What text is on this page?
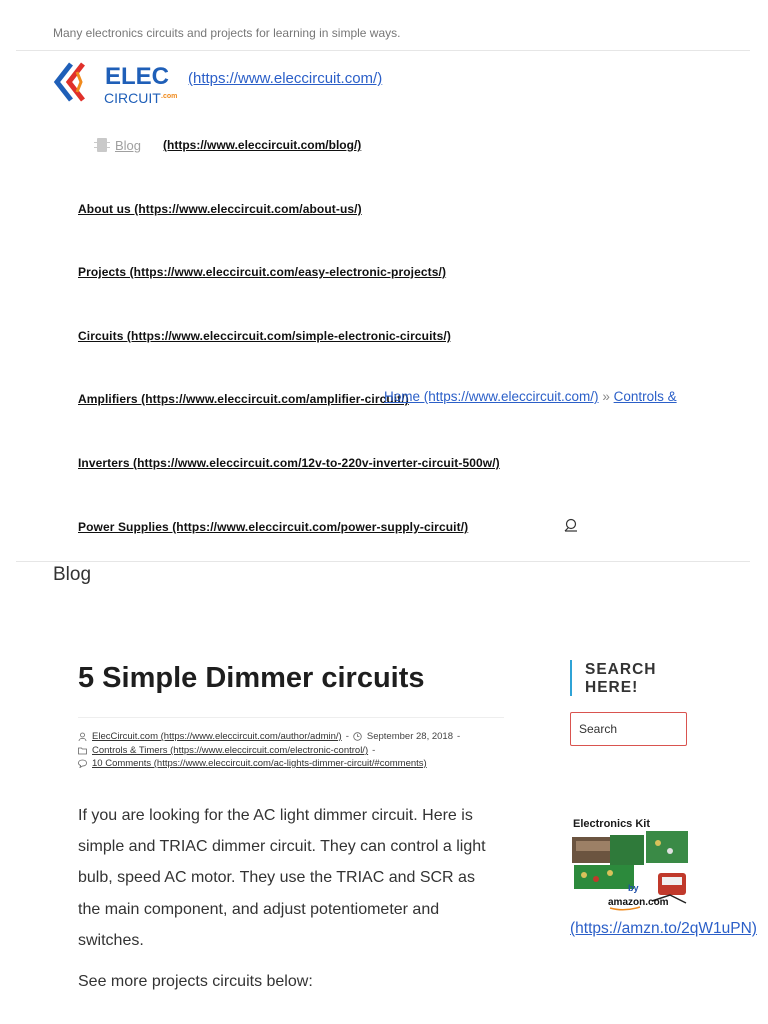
Many electronics circuits and projects for learning in simple ways.
ELEC
CIRCUIT .com
(https://www.eleccircuit.com/)
Blog (https://www.eleccircuit.com/blog/)
About us (https://www.eleccircuit.com/about-us/)
Projects (https://www.eleccircuit.com/easy-electronic-projects/)
Circuits (https://www.eleccircuit.com/simple-electronic-circuits/)
Amplifiers (https://www.eleccircuit.com/amplifier-circuit/)
Inverters (https://www.eleccircuit.com/12v-to-220v-inverter-circuit-500w/)
Power Supplies (https://www.eleccircuit.com/power-supply-circuit/)
Home (https://www.eleccircuit.com/) » Controls &
Blog
5 Simple Dimmer circuits
ElecCircuit.com (https://www.eleccircuit.com/author/admin/) - September 28, 2018 -
Controls & Timers (https://www.eleccircuit.com/electronic-control/) -
10 Comments (https://www.eleccircuit.com/ac-lights-dimmer-circuit/#comments)

If you are looking for the AC light dimmer circuit. Here is simple and TRIAC dimmer circuit. They can control a light bulb, speed AC motor. They use the TRIAC and SCR as the main component, and adjust potentiometer and switches.

See more projects circuits below:

SEARCH HERE!
Search
Electronics Kit
by
amazon.com
(https://amzn.to/2qW1uPN)
